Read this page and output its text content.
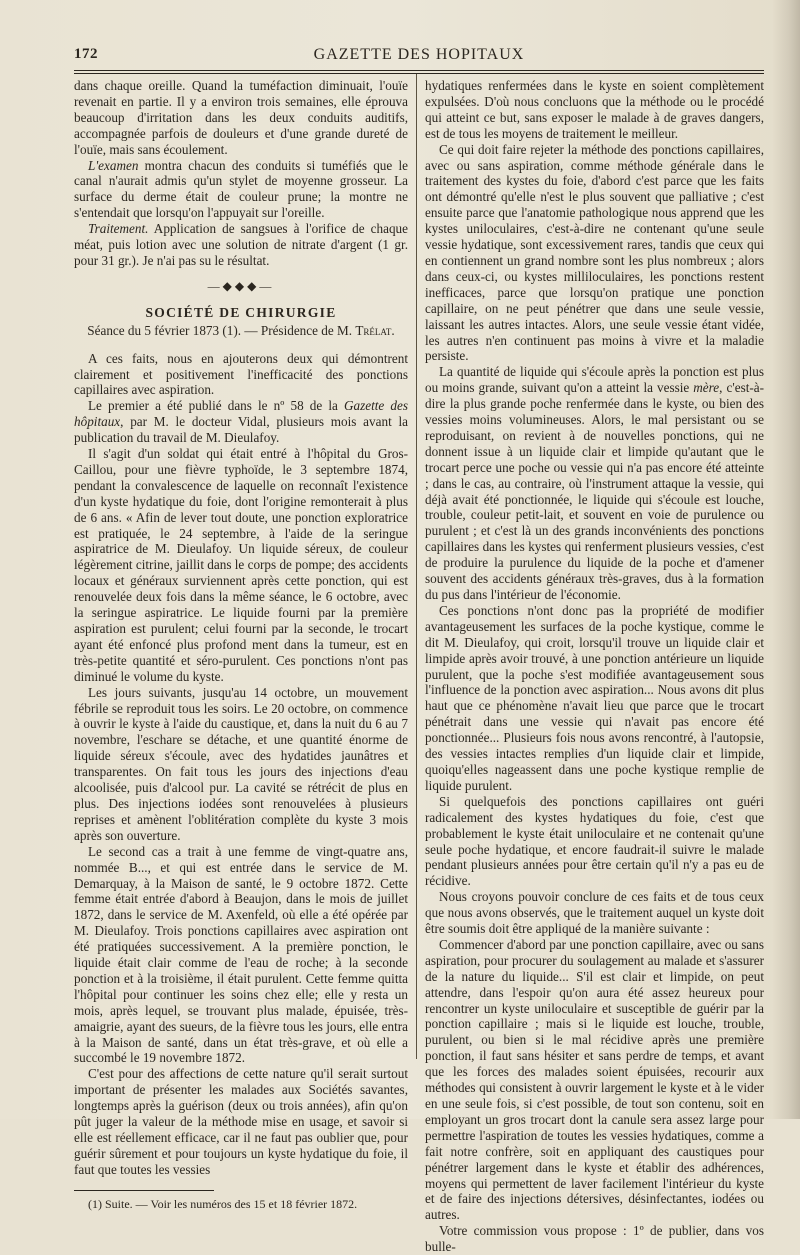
172	GAZETTE DES HOPITAUX

dans chaque oreille. Quand la tuméfaction diminuait, l'ouïe revenait en partie. Il y a environ trois semaines, elle éprouva beaucoup d'irritation dans les deux conduits auditifs, accompagnée parfois de douleurs et d'une grande dureté de l'ouïe, mais sans écoulement.

L'examen montra chacun des conduits si tuméfiés que le canal n'aurait admis qu'un stylet de moyenne grosseur. La surface du derme était de couleur prune; la montre ne s'entendait que lorsqu'on l'appuyait sur l'oreille.

Traitement. Application de sangsues à l'orifice de chaque méat, puis lotion avec une solution de nitrate d'argent (1 gr. pour 31 gr.). Je n'ai pas su le résultat.

—◆◆◆—
SOCIÉTÉ DE CHIRURGIE
Séance du 5 février 1873 (1). — Présidence de M. Trélat.

A ces faits, nous en ajouterons deux qui démontrent clairement et positivement l'inefficacité des ponctions capillaires avec aspiration.

Le premier a été publié dans le nº 58 de la Gazette des hôpitaux, par M. le docteur Vidal, plusieurs mois avant la publication du travail de M. Dieulafoy.

Il s'agit d'un soldat qui était entré à l'hôpital du Gros-Caillou, pour une fièvre typhoïde, le 3 septembre 1874, pendant la convalescence de laquelle on reconnaît l'existence d'un kyste hydatique du foie, dont l'origine remonterait à plus de 6 ans. « Afin de lever tout doute, une ponction exploratrice est pratiquée, le 24 septembre, à l'aide de la seringue aspiratrice de M. Dieulafoy. Un liquide séreux, de couleur légèrement citrine, jaillit dans le corps de pompe; des accidents locaux et généraux surviennent après cette ponction, qui est renouvelée deux fois dans la même séance, le 6 octobre, avec la seringue aspiratrice. Le liquide fourni par la première aspiration est purulent; celui fourni par la seconde, le trocart ayant été enfoncé plus profond ment dans la tumeur, est en très-petite quantité et séro-purulent. Ces ponctions n'ont pas diminué le volume du kyste.

Les jours suivants, jusqu'au 14 octobre, un mouvement fébrile se reproduit tous les soirs. Le 20 octobre, on commence à ouvrir le kyste à l'aide du caustique, et, dans la nuit du 6 au 7 novembre, l'eschare se détache, et une quantité énorme de liquide séreux s'écoule, avec des hydatides jaunâtres et transparentes. On fait tous les jours des injections d'eau alcoolisée, puis d'alcool pur. La cavité se rétrécit de plus en plus. Des injections iodées sont renouvelées à plusieurs reprises et amènent l'oblitération complète du kyste 3 mois après son ouverture.

Le second cas a trait à une femme de vingt-quatre ans, nommée B..., et qui est entrée dans le service de M. Demarquay, à la Maison de santé, le 9 octobre 1872. Cette femme était entrée d'abord à Beaujon, dans le mois de juillet 1872, dans le service de M. Axenfeld, où elle a été opérée par M. Dieulafoy. Trois ponctions capillaires avec aspiration ont été pratiquées successivement. A la première ponction, le liquide était clair comme de l'eau de roche; à la seconde ponction et à la troisième, il était purulent. Cette femme quitta l'hôpital pour continuer les soins chez elle; elle y resta un mois, après lequel, se trouvant plus malade, épuisée, très-amaigrie, ayant des sueurs, de la fièvre tous les jours, elle entra à la Maison de santé, dans un état très-grave, et où elle a succombé le 19 novembre 1872.

C'est pour des affections de cette nature qu'il serait surtout important de présenter les malades aux Sociétés savantes, longtemps après la guérison (deux ou trois années), afin qu'on pût juger la valeur de la méthode mise en usage, et savoir si elle est réellement efficace, car il ne faut pas oublier que, pour guérir sûrement et pour toujours un kyste hydatique du foie, il faut que toutes les vessies

(1) Suite. — Voir les numéros des 15 et 18 février 1872.

hydatiques renfermées dans le kyste en soient complètement expulsées. D'où nous concluons que la méthode ou le procédé qui atteint ce but, sans exposer le malade à de graves dangers, est de tous les moyens de traitement le meilleur.

Ce qui doit faire rejeter la méthode des ponctions capillaires, avec ou sans aspiration, comme méthode générale dans le traitement des kystes du foie, d'abord c'est parce que les faits ont démontré qu'elle n'est le plus souvent que palliative ; c'est ensuite parce que l'anatomie pathologique nous apprend que les kystes uniloculaires, c'est-à-dire ne contenant qu'une seule vessie hydatique, sont excessivement rares, tandis que ceux qui en contiennent un grand nombre sont les plus nombreux ; alors dans ceux-ci, ou kystes milliloculaires, les ponctions restent inefficaces, parce que lorsqu'on pratique une ponction capillaire, on ne peut pénétrer que dans une seule vessie, laissant les autres intactes. Alors, une seule vessie étant vidée, les autres n'en continuent pas moins à vivre et la maladie persiste.

La quantité de liquide qui s'écoule après la ponction est plus ou moins grande, suivant qu'on a atteint la vessie mère, c'est-à-dire la plus grande poche renfermée dans le kyste, ou bien des vessies moins volumineuses. Alors, le mal persistant ou se reproduisant, on revient à de nouvelles ponctions, qui ne donnent issue à un liquide clair et limpide qu'autant que le trocart perce une poche ou vessie qui n'a pas encore été atteinte ; dans le cas, au contraire, où l'instrument attaque la vessie, qui déjà avait été ponctionnée, le liquide qui s'écoule est louche, trouble, couleur petit-lait, et souvent en voie de purulence ou purulent ; et c'est là un des grands inconvénients des ponctions capillaires dans les kystes qui renferment plusieurs vessies, c'est de produire la purulence du liquide de la poche et d'amener souvent des accidents généraux très-graves, dus à la formation du pus dans l'intérieur de l'économie.

Ces ponctions n'ont donc pas la propriété de modifier avantageusement les surfaces de la poche kystique, comme le dit M. Dieulafoy, qui croit, lorsqu'il trouve un liquide clair et limpide après avoir trouvé, à une ponction antérieure un liquide purulent, que la poche s'est modifiée avantageusement sous l'influence de la ponction avec aspiration... Nous avons dit plus haut que ce phénomène n'avait lieu que parce que le trocart pénétrait dans une vessie qui n'avait pas encore été ponctionnée... Plusieurs fois nous avons rencontré, à l'autopsie, des vessies intactes remplies d'un liquide clair et limpide, quoiqu'elles nageassent dans une poche kystique remplie de liquide purulent.

Si quelquefois des ponctions capillaires ont guéri radicalement des kystes hydatiques du foie, c'est que probablement le kyste était uniloculaire et ne contenait qu'une seule poche hydatique, et encore faudrait-il suivre le malade pendant plusieurs années pour être certain qu'il n'y a pas eu de récidive.

Nous croyons pouvoir conclure de ces faits et de tous ceux que nous avons observés, que le traitement auquel un kyste doit être soumis doit être appliqué de la manière suivante :

Commencer d'abord par une ponction capillaire, avec ou sans aspiration, pour procurer du soulagement au malade et s'assurer de la nature du liquide... S'il est clair et limpide, on peut attendre, dans l'espoir qu'on aura été assez heureux pour rencontrer un kyste uniloculaire et susceptible de guérir par la ponction capillaire ; mais si le liquide est louche, trouble, purulent, ou bien si le mal récidive après une première ponction, il faut sans hésiter et sans perdre de temps, et avant que les forces des malades soient épuisées, recourir aux méthodes qui consistent à ouvrir largement le kyste et à le vider en une seule fois, si c'est possible, de tout son contenu, soit en employant un gros trocart dont la canule sera assez large pour permettre l'aspiration de toutes les vessies hydatiques, comme a fait notre confrère, soit en appliquant des caustiques pour pénétrer largement dans le kyste et établir des adhérences, moyens qui permettent de laver facilement l'intérieur du kyste et de faire des injections détersives, désinfectantes, iodées ou autres.

Votre commission vous propose : 1º de publier, dans vos bulle-
